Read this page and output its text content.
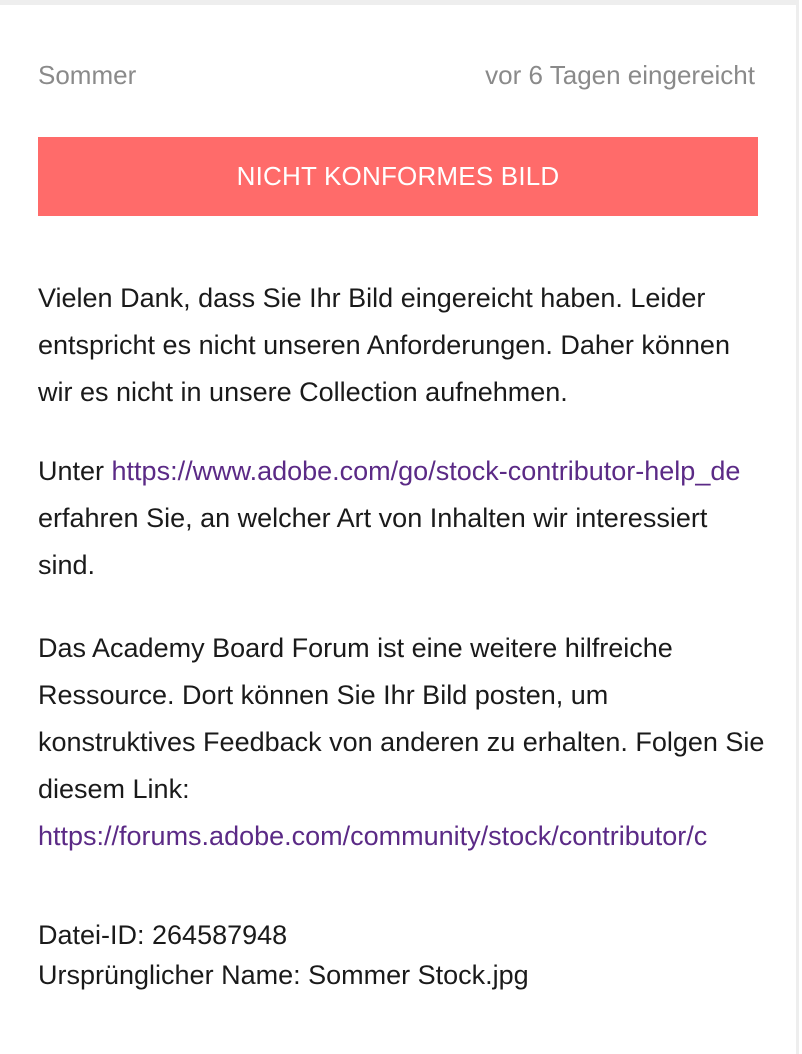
Sommer	vor 6 Tagen eingereicht
NICHT KONFORMES BILD

Vielen Dank, dass Sie Ihr Bild eingereicht haben. Leider entspricht es nicht unseren Anforderungen. Daher können wir es nicht in unsere Collection aufnehmen.

Unter https://www.adobe.com/go/stock-contributor-help_de erfahren Sie, an welcher Art von Inhalten wir interessiert sind.

Das Academy Board Forum ist eine weitere hilfreiche Ressource. Dort können Sie Ihr Bild posten, um konstruktives Feedback von anderen zu erhalten. Folgen Sie diesem Link:
https://forums.adobe.com/community/stock/contributor/c
Datei-ID: 264587948
Ursprünglicher Name: Sommer Stock.jpg
